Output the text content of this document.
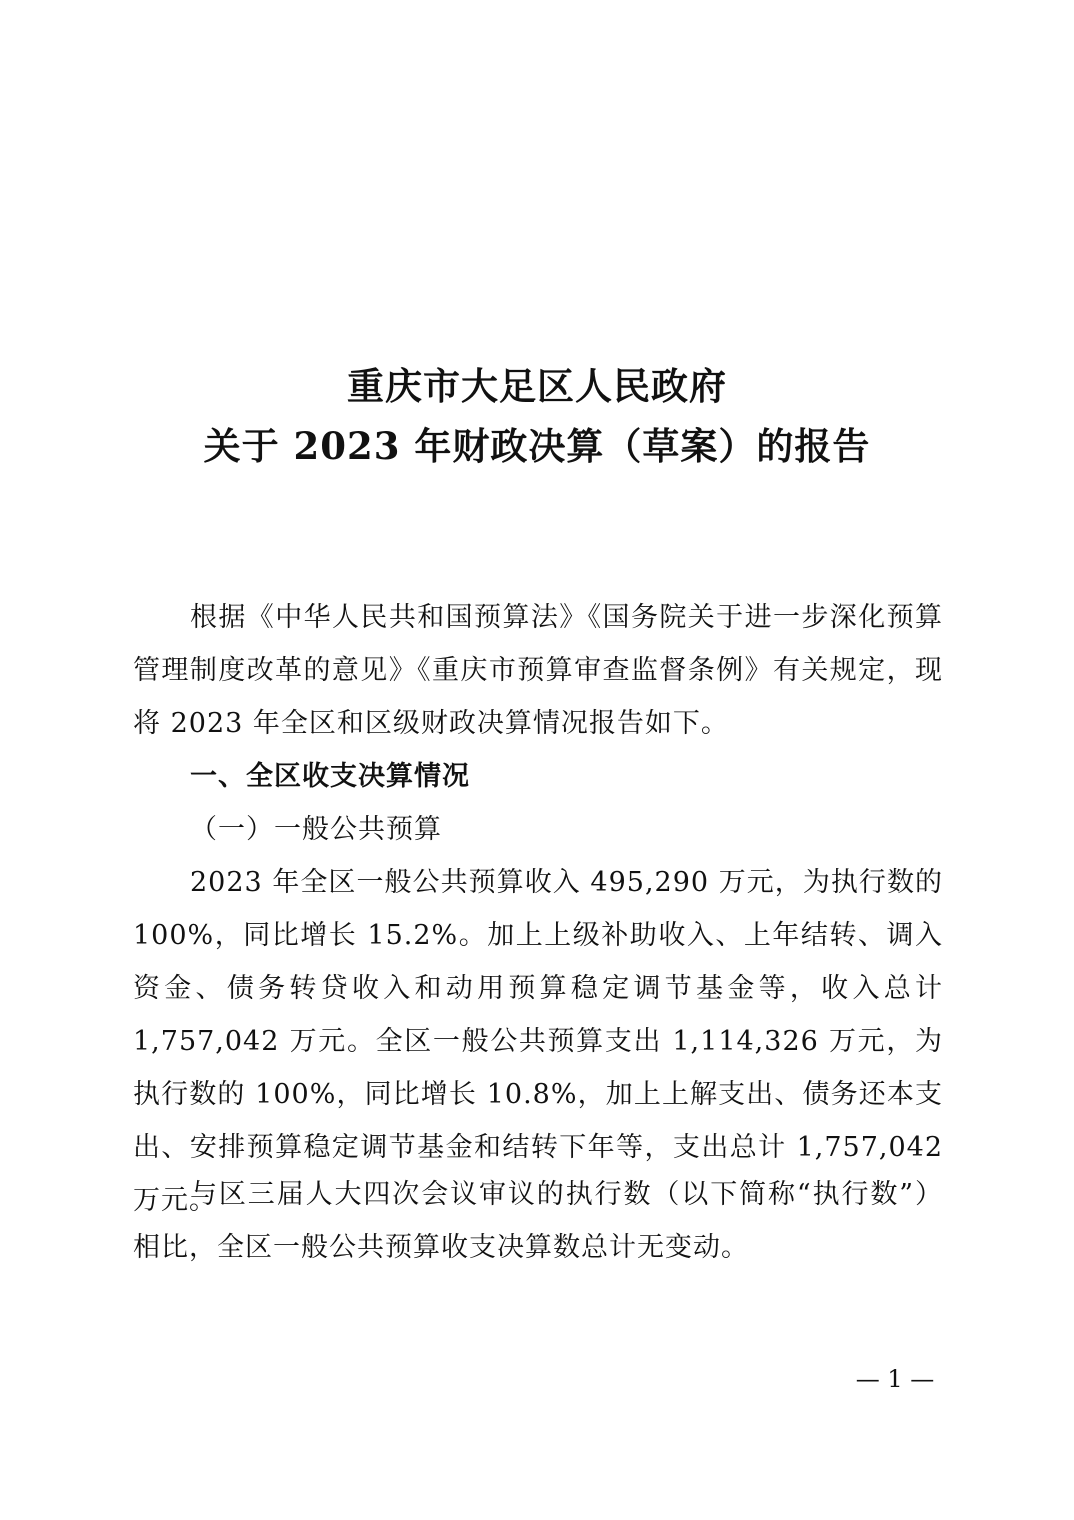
重庆市大足区人民政府
关于 2023 年财政决算（草案）的报告

根据《中华人民共和国预算法》《国务院关于进一步深化预算管理制度改革的意见》《重庆市预算审查监督条例》有关规定，现将 2023 年全区和区级财政决算情况报告如下。

一、全区收支决算情况
（一）一般公共预算

2023 年全区一般公共预算收入 495,290 万元，为执行数的 100%，同比增长 15.2%。加上上级补助收入、上年结转、调入资金、债务转贷收入和动用预算稳定调节基金等，收入总计 1,757,042 万元。全区一般公共预算支出 1,114,326 万元，为执行数的 100%，同比增长 10.8%，加上上解支出、债务还本支出、安排预算稳定调节基金和结转下年等，支出总计 1,757,042 万元。

与区三届人大四次会议审议的执行数（以下简称“执行数”）相比，全区一般公共预算收支决算数总计无变动。

— 1 —
